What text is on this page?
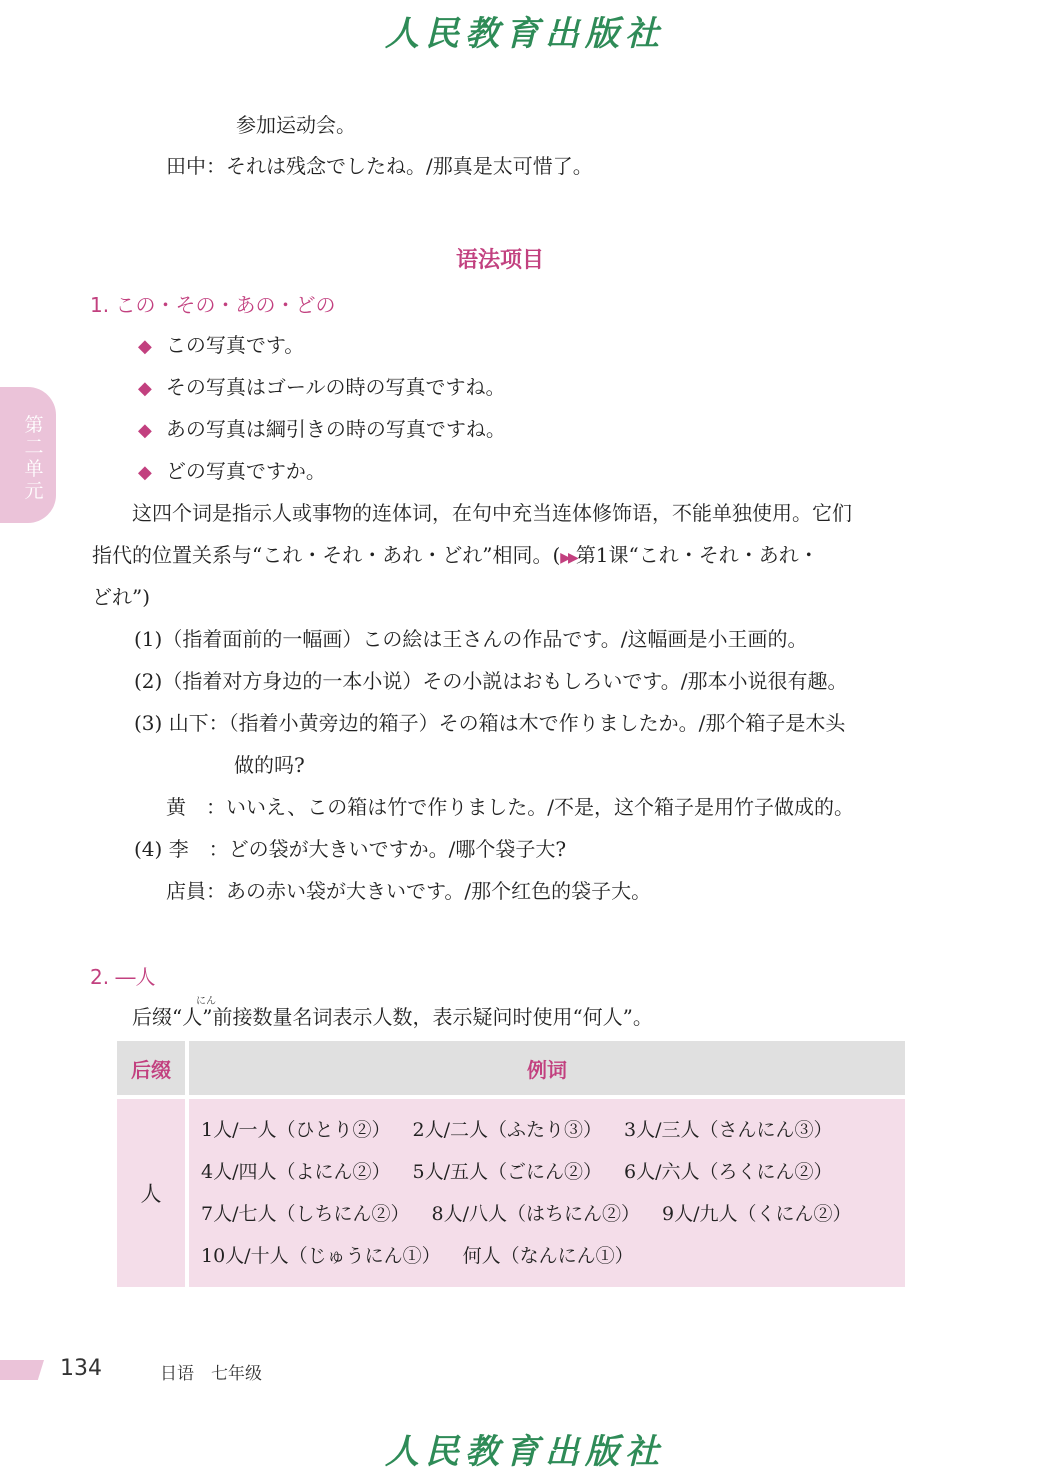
人民教育出版社
参加运动会。
田中：それは残念でしたね。/那真是太可惜了。
语法项目
第
二
单
元
1. この・その・あの・どの
◆ この写真です。
◆ その写真はゴールの時の写真ですね。
◆ あの写真は綱引きの時の写真ですね。
◆ どの写真ですか。
这四个词是指示人或事物的连体词，在句中充当连体修饰语，不能单独使用。它们
指代的位置关系与“これ・それ・あれ・どれ”相同。(▶▶第1课“これ・それ・あれ・
どれ”)
(1)（指着面前的一幅画）この絵は王さんの作品です。/这幅画是小王画的。
(2)（指着对方身边的一本小说）その小説はおもしろいです。/那本小说很有趣。
(3) 山下：（指着小黄旁边的箱子）その箱は木で作りましたか。/那个箱子是木头
做的吗?
黄　：いいえ、この箱は竹で作りました。/不是，这个箱子是用竹子做成的。
(4) 李　：どの袋が大きいですか。/哪个袋子大?
店員：あの赤い袋が大きいです。/那个红色的袋子大。
2. ―人
にん
后缀“人”前接数量名词表示人数，表示疑问时使用“何人”。
后缀	例词
人	1人/一人（ひとり②） 2人/二人（ふたり③） 3人/三人（さんにん③）
4人/四人（よにん②） 5人/五人（ごにん②） 6人/六人（ろくにん②）
7人/七人（しちにん②） 8人/八人（はちにん②） 9人/九人（くにん②）
10人/十人（じゅうにん①） 何人（なんにん①）
134	日语　七年级
人民教育出版社
